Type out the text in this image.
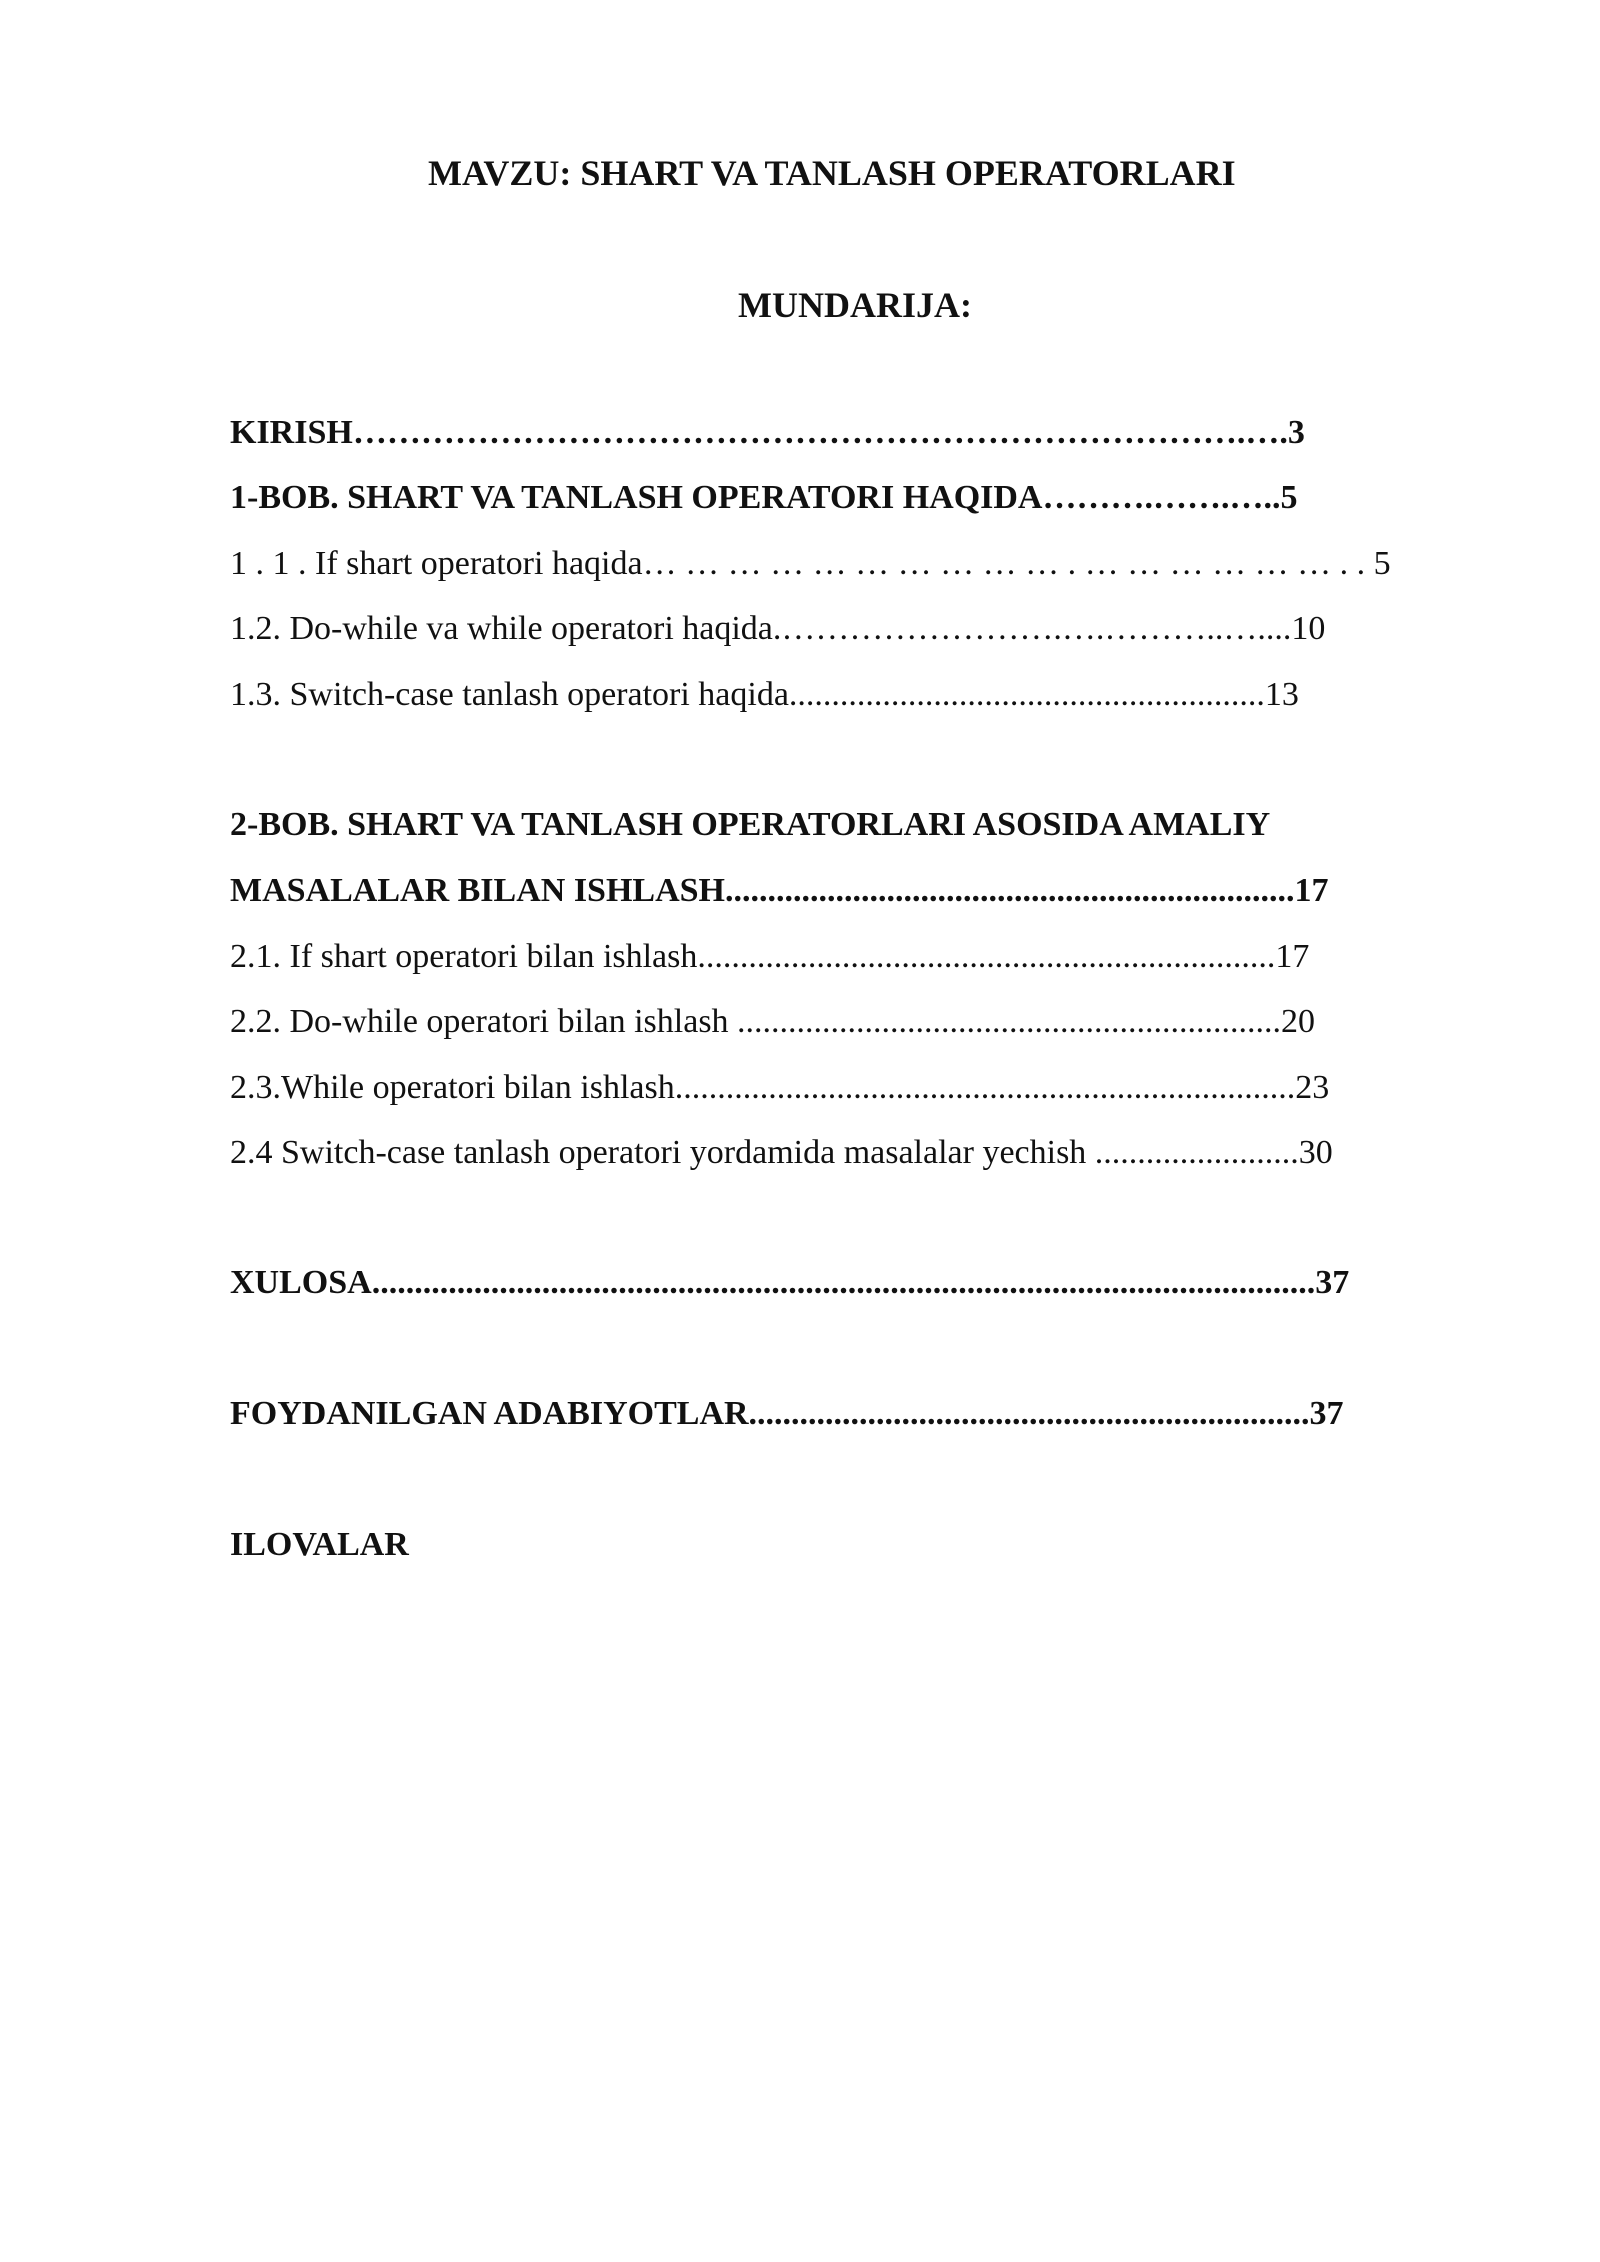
MAVZU: SHART VA TANLASH OPERATORLARI
MUNDARIJA:
KIRISH…………………………………………………………………….….3
1-BOB. SHART VA TANLASH OPERATORI HAQIDA……….…….…..5
1 . 1 . If shart operatori haqida… … … … … … … … … … . … … … … … … . . 5
1.2. Do-while va while operatori haqida.…………………….….………..…....10
1.3. Switch-case tanlash operatori haqida........................................................13
2-BOB. SHART VA TANLASH OPERATORLARI ASOSIDA AMALIY
MASALALAR BILAN ISHLASH...................................................................17
2.1. If shart operatori bilan ishlash....................................................................17
2.2. Do-while operatori bilan ishlash ................................................................20
2.3.While operatori bilan ishlash.........................................................................23
2.4 Switch-case tanlash operatori yordamida masalalar yechish ........................30
XULOSA...............................................................................................................37
FOYDANILGAN ADABIYOTLAR..................................................................37
ILOVALAR
